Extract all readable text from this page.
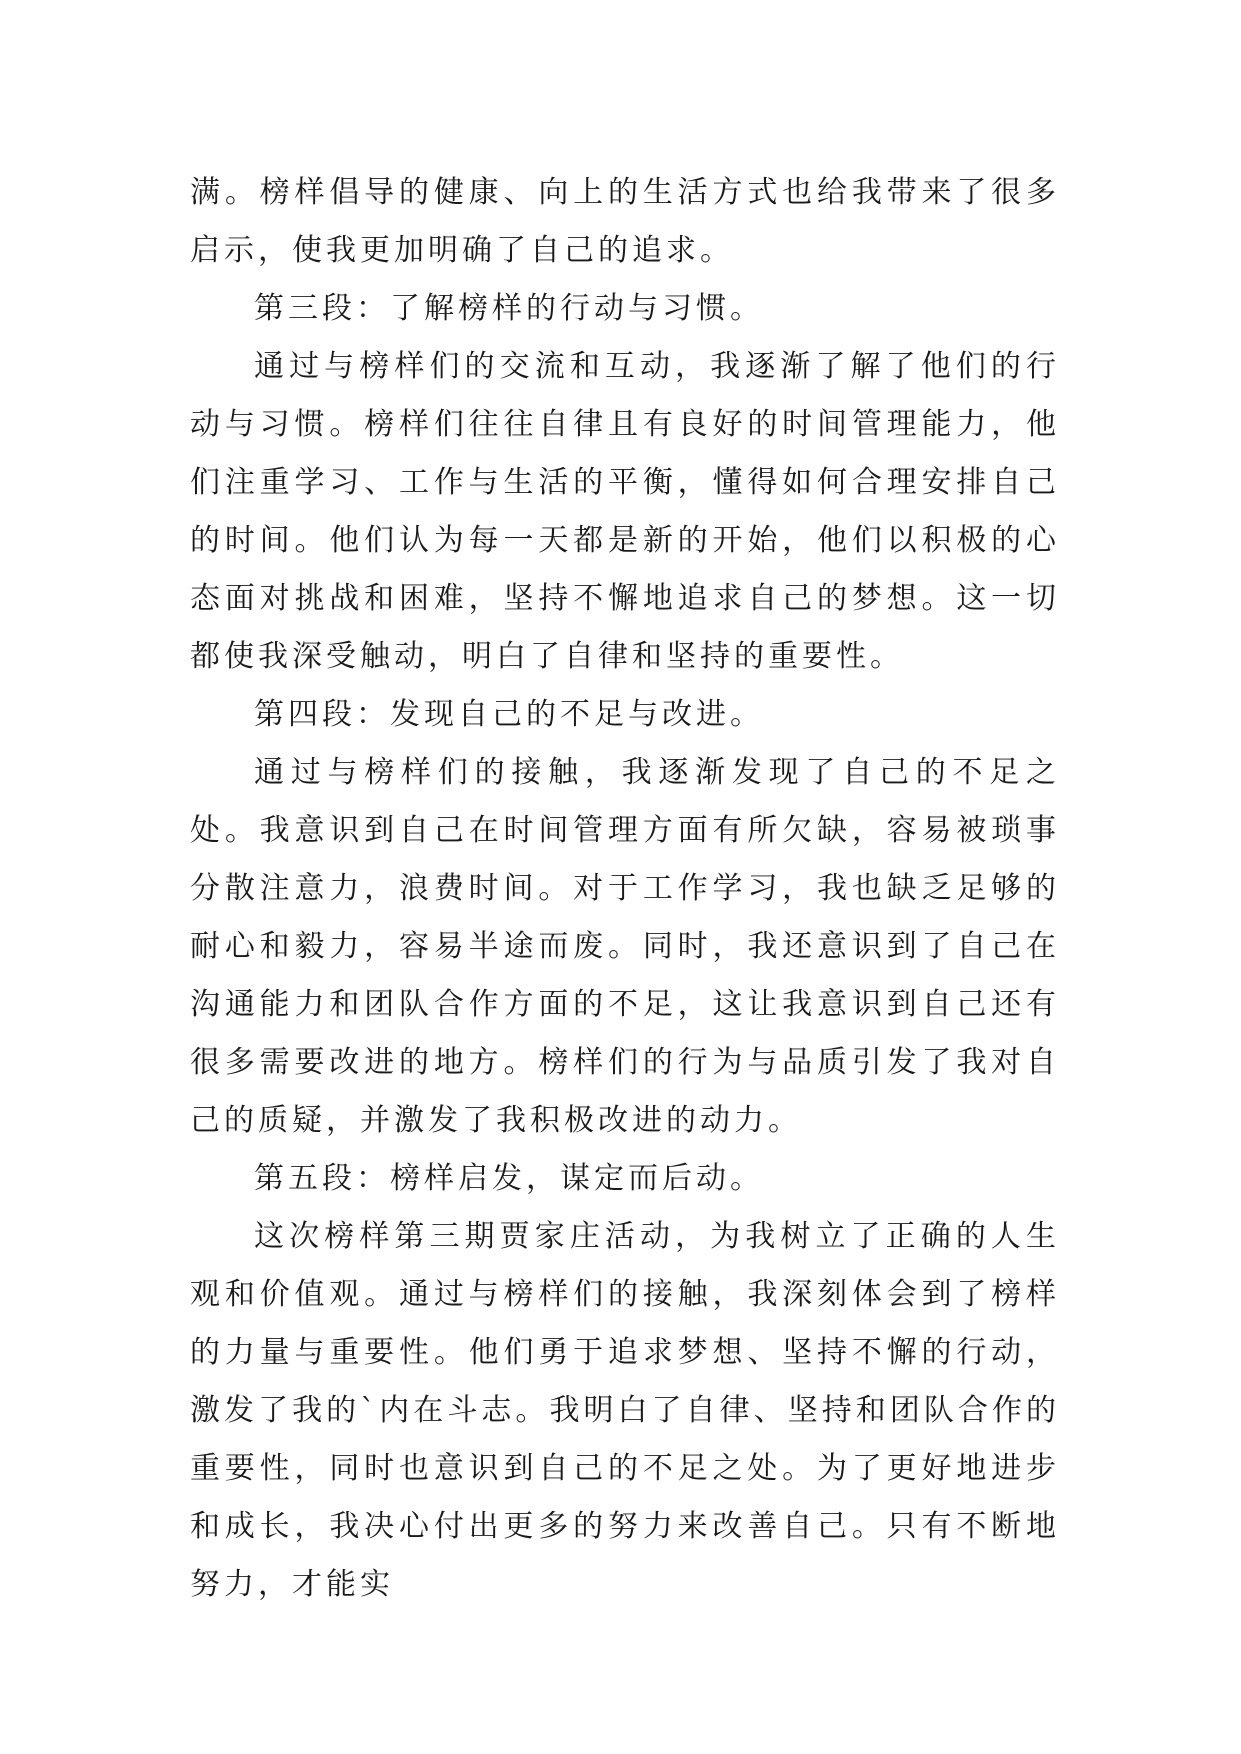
满。榜样倡导的健康、向上的生活方式也给我带来了很多启示，使我更加明确了自己的追求。

第三段：了解榜样的行动与习惯。

通过与榜样们的交流和互动，我逐渐了解了他们的行动与习惯。榜样们往往自律且有良好的时间管理能力，他们注重学习、工作与生活的平衡，懂得如何合理安排自己的时间。他们认为每一天都是新的开始，他们以积极的心态面对挑战和困难，坚持不懈地追求自己的梦想。这一切都使我深受触动，明白了自律和坚持的重要性。

第四段：发现自己的不足与改进。

通过与榜样们的接触，我逐渐发现了自己的不足之处。我意识到自己在时间管理方面有所欠缺，容易被琐事分散注意力，浪费时间。对于工作学习，我也缺乏足够的耐心和毅力，容易半途而废。同时，我还意识到了自己在沟通能力和团队合作方面的不足，这让我意识到自己还有很多需要改进的地方。榜样们的行为与品质引发了我对自己的质疑，并激发了我积极改进的动力。

第五段：榜样启发，谋定而后动。

这次榜样第三期贾家庄活动，为我树立了正确的人生观和价值观。通过与榜样们的接触，我深刻体会到了榜样的力量与重要性。他们勇于追求梦想、坚持不懈的行动，激发了我的`内在斗志。我明白了自律、坚持和团队合作的重要性，同时也意识到自己的不足之处。为了更好地进步和成长，我决心付出更多的努力来改善自己。只有不断地努力，才能实
